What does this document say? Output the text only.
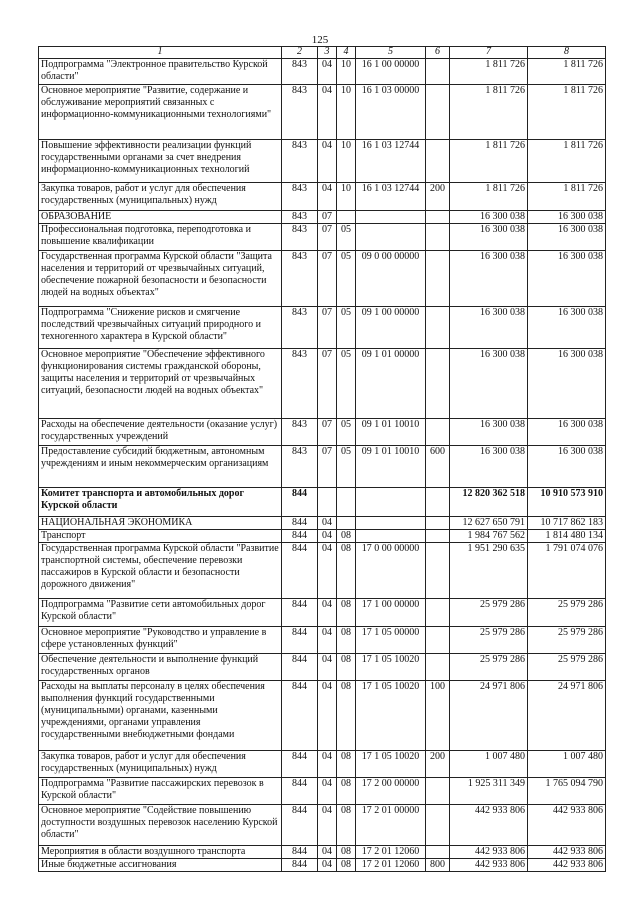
125
1	2	3	4	5	6	7	8
Подпрограмма "Электронное правительство Курской области"	843	04	10	16 1 00 00000		1 811 726	1 811 726
Основное мероприятие "Развитие, содержание и обслуживание мероприятий связанных с информационно-коммуникационными технологиями"	843	04	10	16 1 03 00000		1 811 726	1 811 726
Повышение эффективности реализации функций государственными органами за счет внедрения информационно-коммуникационных технологий	843	04	10	16 1 03 12744		1 811 726	1 811 726
Закупка товаров, работ и услуг для обеспечения государственных (муниципальных) нужд	843	04	10	16 1 03 12744	200	1 811 726	1 811 726
ОБРАЗОВАНИЕ	843	07				16 300 038	16 300 038
Профессиональная подготовка, переподготовка и повышение квалификации	843	07	05			16 300 038	16 300 038
Государственная программа Курской области "Защита населения и территорий от чрезвычайных ситуаций, обеспечение пожарной безопасности и безопасности людей на водных объектах"	843	07	05	09 0 00 00000		16 300 038	16 300 038
Подпрограмма "Снижение рисков и смягчение последствий чрезвычайных ситуаций природного и техногенного характера в Курской области"	843	07	05	09 1 00 00000		16 300 038	16 300 038
Основное мероприятие "Обеспечение эффективного функционирования системы гражданской обороны, защиты населения и территорий от чрезвычайных ситуаций, безопасности людей на водных объектах"	843	07	05	09 1 01 00000		16 300 038	16 300 038
Расходы на обеспечение деятельности (оказание услуг) государственных учреждений	843	07	05	09 1 01 10010		16 300 038	16 300 038
Предоставление субсидий бюджетным, автономным учреждениям и иным некоммерческим организациям	843	07	05	09 1 01 10010	600	16 300 038	16 300 038
Комитет транспорта и автомобильных дорог Курской области	844					12 820 362 518	10 910 573 910
НАЦИОНАЛЬНАЯ ЭКОНОМИКА	844	04				12 627 650 791	10 717 862 183
Транспорт	844	04	08			1 984 767 562	1 814 480 134
Государственная программа Курской области "Развитие транспортной системы, обеспечение перевозки пассажиров в Курской области и безопасности дорожного движения"	844	04	08	17 0 00 00000		1 951 290 635	1 791 074 076
Подпрограмма "Развитие сети автомобильных дорог Курской области"	844	04	08	17 1 00 00000		25 979 286	25 979 286
Основное мероприятие "Руководство и управление в сфере установленных функций"	844	04	08	17 1 05 00000		25 979 286	25 979 286
Обеспечение деятельности и выполнение функций государственных органов	844	04	08	17 1 05 10020		25 979 286	25 979 286
Расходы на выплаты персоналу в целях обеспечения выполнения функций государственными (муниципальными) органами, казенными учреждениями, органами управления государственными внебюджетными фондами	844	04	08	17 1 05 10020	100	24 971 806	24 971 806
Закупка товаров, работ и услуг для обеспечения государственных (муниципальных) нужд	844	04	08	17 1 05 10020	200	1 007 480	1 007 480
Подпрограмма "Развитие пассажирских перевозок в Курской области"	844	04	08	17 2 00 00000		1 925 311 349	1 765 094 790
Основное мероприятие "Содействие повышению доступности воздушных перевозок населению Курской области"	844	04	08	17 2 01 00000		442 933 806	442 933 806
Мероприятия в области воздушного транспорта	844	04	08	17 2 01 12060		442 933 806	442 933 806
Иные бюджетные ассигнования	844	04	08	17 2 01 12060	800	442 933 806	442 933 806
